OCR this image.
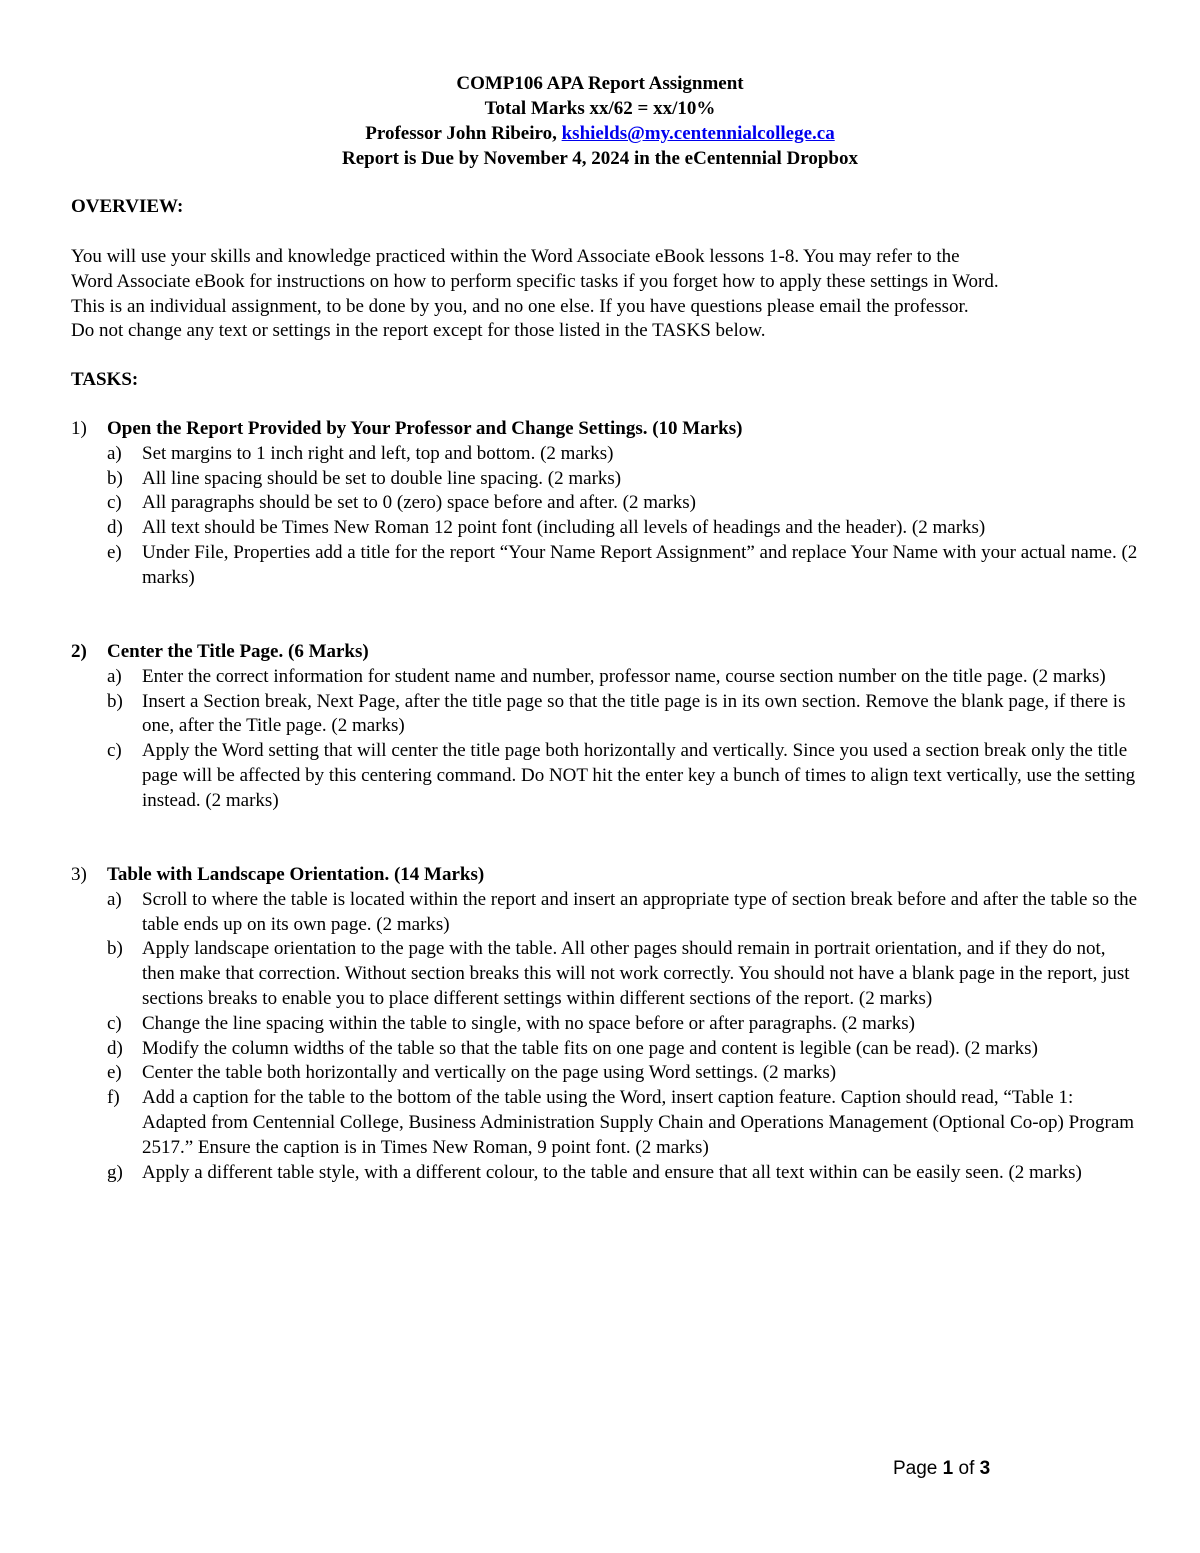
COMP106 APA Report Assignment
Total Marks xx/62 = xx/10%
Professor John Ribeiro, kshields@my.centennialcollege.ca
Report is Due by November 4, 2024 in the eCentennial Dropbox
OVERVIEW:
You will use your skills and knowledge practiced within the Word Associate eBook lessons 1-8. You may refer to the
Word Associate eBook for instructions on how to perform specific tasks if you forget how to apply these settings in Word.
This is an individual assignment, to be done by you, and no one else. If you have questions please email the professor.
Do not change any text or settings in the report except for those listed in the TASKS below.
TASKS:
1)	Open the Report Provided by Your Professor and Change Settings. (10 Marks)
a)	Set margins to 1 inch right and left, top and bottom. (2 marks)
b)	All line spacing should be set to double line spacing. (2 marks)
c)	All paragraphs should be set to 0 (zero) space before and after. (2 marks)
d)	All text should be Times New Roman 12 point font (including all levels of headings and the header). (2 marks)
e)	Under File, Properties add a title for the report “Your Name Report Assignment” and replace Your Name with your actual name. (2 marks)
2)	Center the Title Page. (6 Marks)
a)	Enter the correct information for student name and number, professor name, course section number on the title page. (2 marks)
b)	Insert a Section break, Next Page, after the title page so that the title page is in its own section. Remove the blank page, if there is one, after the Title page. (2 marks)
c)	Apply the Word setting that will center the title page both horizontally and vertically. Since you used a section break only the title page will be affected by this centering command. Do NOT hit the enter key a bunch of times to align text vertically, use the setting instead. (2 marks)
3)	Table with Landscape Orientation. (14 Marks)
a)	Scroll to where the table is located within the report and insert an appropriate type of section break before and after the table so the table ends up on its own page. (2 marks)
b)	Apply landscape orientation to the page with the table. All other pages should remain in portrait orientation, and if they do not, then make that correction. Without section breaks this will not work correctly. You should not have a blank page in the report, just sections breaks to enable you to place different settings within different sections of the report. (2 marks)
c)	Change the line spacing within the table to single, with no space before or after paragraphs. (2 marks)
d)	Modify the column widths of the table so that the table fits on one page and content is legible (can be read). (2 marks)
e)	Center the table both horizontally and vertically on the page using Word settings. (2 marks)
f)	Add a caption for the table to the bottom of the table using the Word, insert caption feature. Caption should read, “Table 1: Adapted from Centennial College, Business Administration Supply Chain and Operations Management (Optional Co-op) Program 2517.” Ensure the caption is in Times New Roman, 9 point font. (2 marks)
g)	Apply a different table style, with a different colour, to the table and ensure that all text within can be easily seen. (2 marks)
Page 1 of 3
